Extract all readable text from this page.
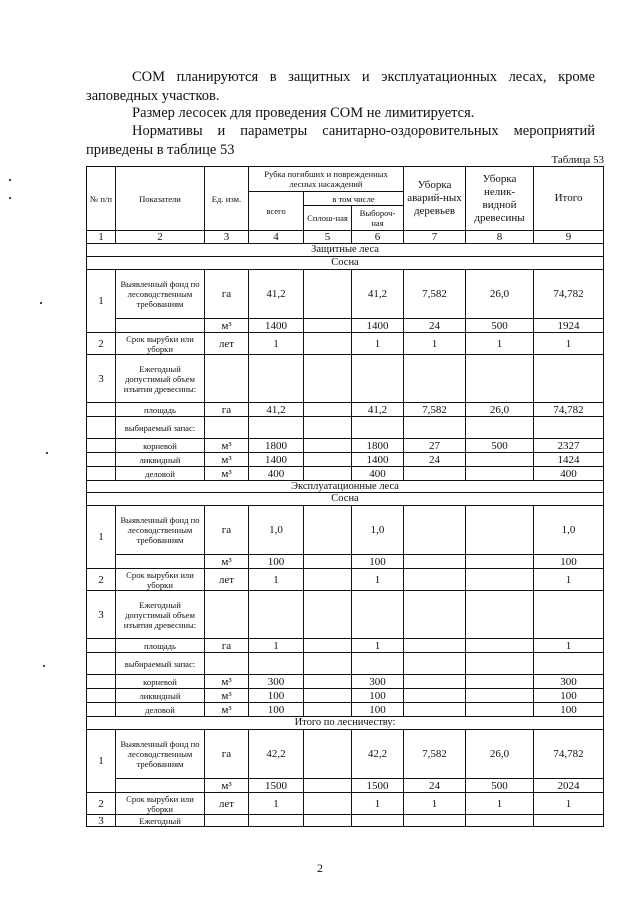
СОМ планируются в защитных и эксплуатационных лесах, кроме заповедных участков.

Размер лесосек для проведения СОМ не лимитируется.

Нормативы и параметры санитарно-оздоровительных мероприятий приведены в таблице 53

Таблица 53
№ п/п	Показатели	Ед. изм.	Рубка погибших и поврежденных лесных насаждений			Уборка аварий-ных деревьев	Уборка нелик-видной древесины	Итого
			всего	в том числе				
				Сплош-ная	Выбороч-ная			
1	2	3	4	5	6	7	8	9
Защитные леса								
Сосна								
1	Выявленный фонд по лесоводственным требованиям	га	41,2		41,2	7,582	26,0	74,782
		м³	1400		1400	24	500	1924
2	Срок вырубки или уборки	лет	1		1	1	1	1
3	Ежегодный допустимый объем изъятия древесины:							
	площадь	га	41,2		41,2	7,582	26,0	74,782
	выбираемый запас:							
	корневой	м³	1800		1800	27	500	2327
	ликвидный	м³	1400		1400	24		1424
	деловой	м³	400		400			400
Эксплуатационные леса								
Сосна								
1	Выявленный фонд по лесоводственным требованиям	га	1,0		1,0			1,0
		м³	100		100			100
2	Срок вырубки или уборки	лет	1		1			1
3	Ежегодный допустимый объем изъятия древесины:							
	площадь	га	1		1			1
	выбираемый запас:							
	корневой	м³	300		300			300
	ликвидный	м³	100		100			100
	деловой	м³	100		100			100
Итого по лесничеству:								
1	Выявленный фонд по лесоводственным требованиям	га	42,2		42,2	7,582	26,0	74,782
		м³	1500		1500	24	500	2024
2	Срок вырубки или уборки	лет	1		1	1	1	1
3	Ежегодный							
2
